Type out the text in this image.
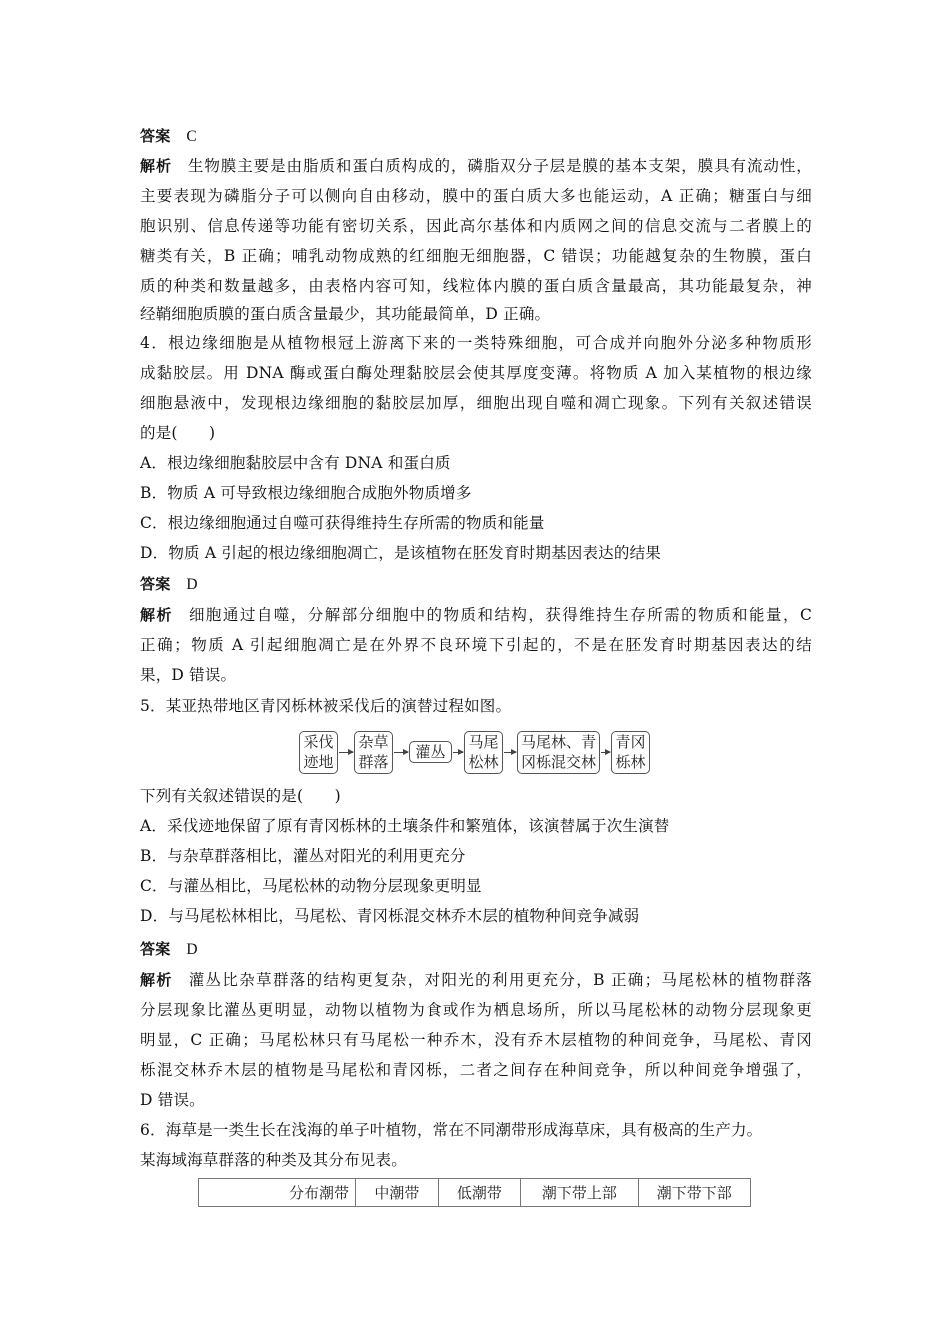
答案 C
解析 生物膜主要是由脂质和蛋白质构成的，磷脂双分子层是膜的基本支架，膜具有流动性，
主要表现为磷脂分子可以侧向自由移动，膜中的蛋白质大多也能运动，A 正确；糖蛋白与细
胞识别、信息传递等功能有密切关系，因此高尔基体和内质网之间的信息交流与二者膜上的
糖类有关，B 正确；哺乳动物成熟的红细胞无细胞器，C 错误；功能越复杂的生物膜，蛋白
质的种类和数量越多，由表格内容可知，线粒体内膜的蛋白质含量最高，其功能最复杂，神
经鞘细胞质膜的蛋白质含量最少，其功能最简单，D 正确。
4．根边缘细胞是从植物根冠上游离下来的一类特殊细胞，可合成并向胞外分泌多种物质形
成黏胶层。用 DNA 酶或蛋白酶处理黏胶层会使其厚度变薄。将物质 A 加入某植物的根边缘
细胞悬液中，发现根边缘细胞的黏胶层加厚，细胞出现自噬和凋亡现象。下列有关叙述错误
的是(　　)
A．根边缘细胞黏胶层中含有 DNA 和蛋白质
B．物质 A 可导致根边缘细胞合成胞外物质增多
C．根边缘细胞通过自噬可获得维持生存所需的物质和能量
D．物质 A 引起的根边缘细胞凋亡，是该植物在胚发育时期基因表达的结果
答案 D
解析 细胞通过自噬，分解部分细胞中的物质和结构，获得维持生存所需的物质和能量，C
正确；物质 A 引起细胞凋亡是在外界不良环境下引起的，不是在胚发育时期基因表达的结
果，D 错误。
5．某亚热带地区青冈栎林被采伐后的演替过程如图。
采伐
迹地
杂草
群落
灌丛
马尾
松林
马尾林、青
冈栎混交林
青冈
栎林
下列有关叙述错误的是(　　)
A．采伐迹地保留了原有青冈栎林的土壤条件和繁殖体，该演替属于次生演替
B．与杂草群落相比，灌丛对阳光的利用更充分
C．与灌丛相比，马尾松林的动物分层现象更明显
D．与马尾松林相比，马尾松、青冈栎混交林乔木层的植物种间竞争减弱
答案 D
解析 灌丛比杂草群落的结构更复杂，对阳光的利用更充分，B 正确；马尾松林的植物群落
分层现象比灌丛更明显，动物以植物为食或作为栖息场所，所以马尾松林的动物分层现象更
明显，C 正确；马尾松林只有马尾松一种乔木，没有乔木层植物的种间竞争，马尾松、青冈
栎混交林乔木层的植物是马尾松和青冈栎，二者之间存在种间竞争，所以种间竞争增强了，
D 错误。
6．海草是一类生长在浅海的单子叶植物，常在不同潮带形成海草床，具有极高的生产力。
某海域海草群落的种类及其分布见表。
分布潮带	中潮带	低潮带	潮下带上部	潮下带下部
